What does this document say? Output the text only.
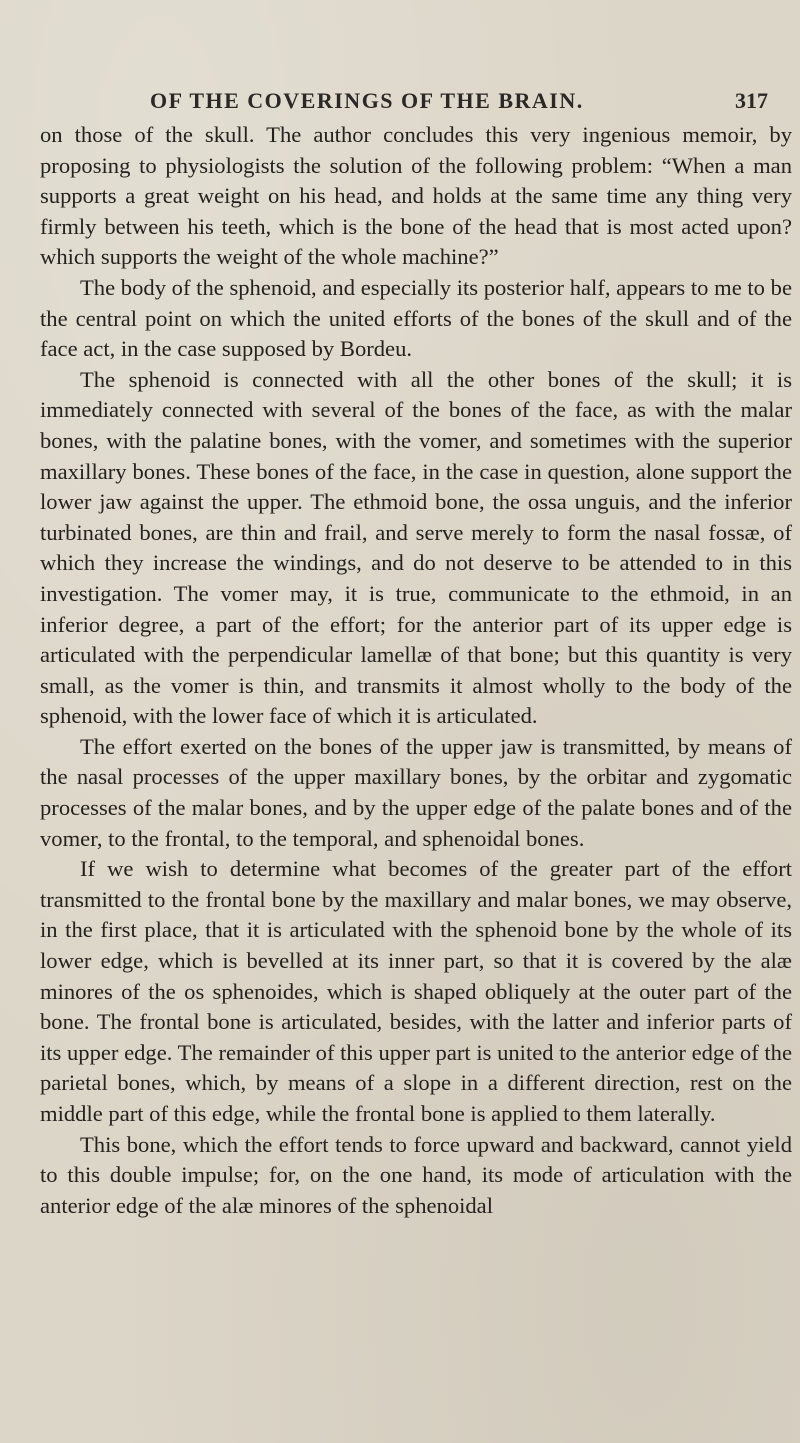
OF THE COVERINGS OF THE BRAIN.	317

on those of the skull. The author concludes this very ingenious memoir, by proposing to physiologists the solution of the following problem: “When a man supports a great weight on his head, and holds at the same time any thing very firmly between his teeth, which is the bone of the head that is most acted upon? which supports the weight of the whole machine?”

The body of the sphenoid, and especially its posterior half, appears to me to be the central point on which the united efforts of the bones of the skull and of the face act, in the case supposed by Bordeu.

The sphenoid is connected with all the other bones of the skull; it is immediately connected with several of the bones of the face, as with the malar bones, with the palatine bones, with the vomer, and sometimes with the superior maxillary bones. These bones of the face, in the case in question, alone support the lower jaw against the upper. The ethmoid bone, the ossa unguis, and the inferior turbinated bones, are thin and frail, and serve merely to form the nasal fossæ, of which they increase the windings, and do not deserve to be attended to in this investigation. The vomer may, it is true, communicate to the ethmoid, in an inferior degree, a part of the effort; for the anterior part of its upper edge is articulated with the perpendicular lamellæ of that bone; but this quantity is very small, as the vomer is thin, and transmits it almost wholly to the body of the sphenoid, with the lower face of which it is articulated.

The effort exerted on the bones of the upper jaw is transmitted, by means of the nasal processes of the upper maxillary bones, by the orbitar and zygomatic processes of the malar bones, and by the upper edge of the palate bones and of the vomer, to the frontal, to the temporal, and sphenoidal bones.

If we wish to determine what becomes of the greater part of the effort transmitted to the frontal bone by the maxillary and malar bones, we may observe, in the first place, that it is articulated with the sphenoid bone by the whole of its lower edge, which is bevelled at its inner part, so that it is covered by the alæ minores of the os sphenoides, which is shaped obliquely at the outer part of the bone. The frontal bone is articulated, besides, with the latter and inferior parts of its upper edge. The remainder of this upper part is united to the anterior edge of the parietal bones, which, by means of a slope in a different direction, rest on the middle part of this edge, while the frontal bone is applied to them laterally.

This bone, which the effort tends to force upward and backward, cannot yield to this double impulse; for, on the one hand, its mode of articulation with the anterior edge of the alæ minores of the sphenoidal
